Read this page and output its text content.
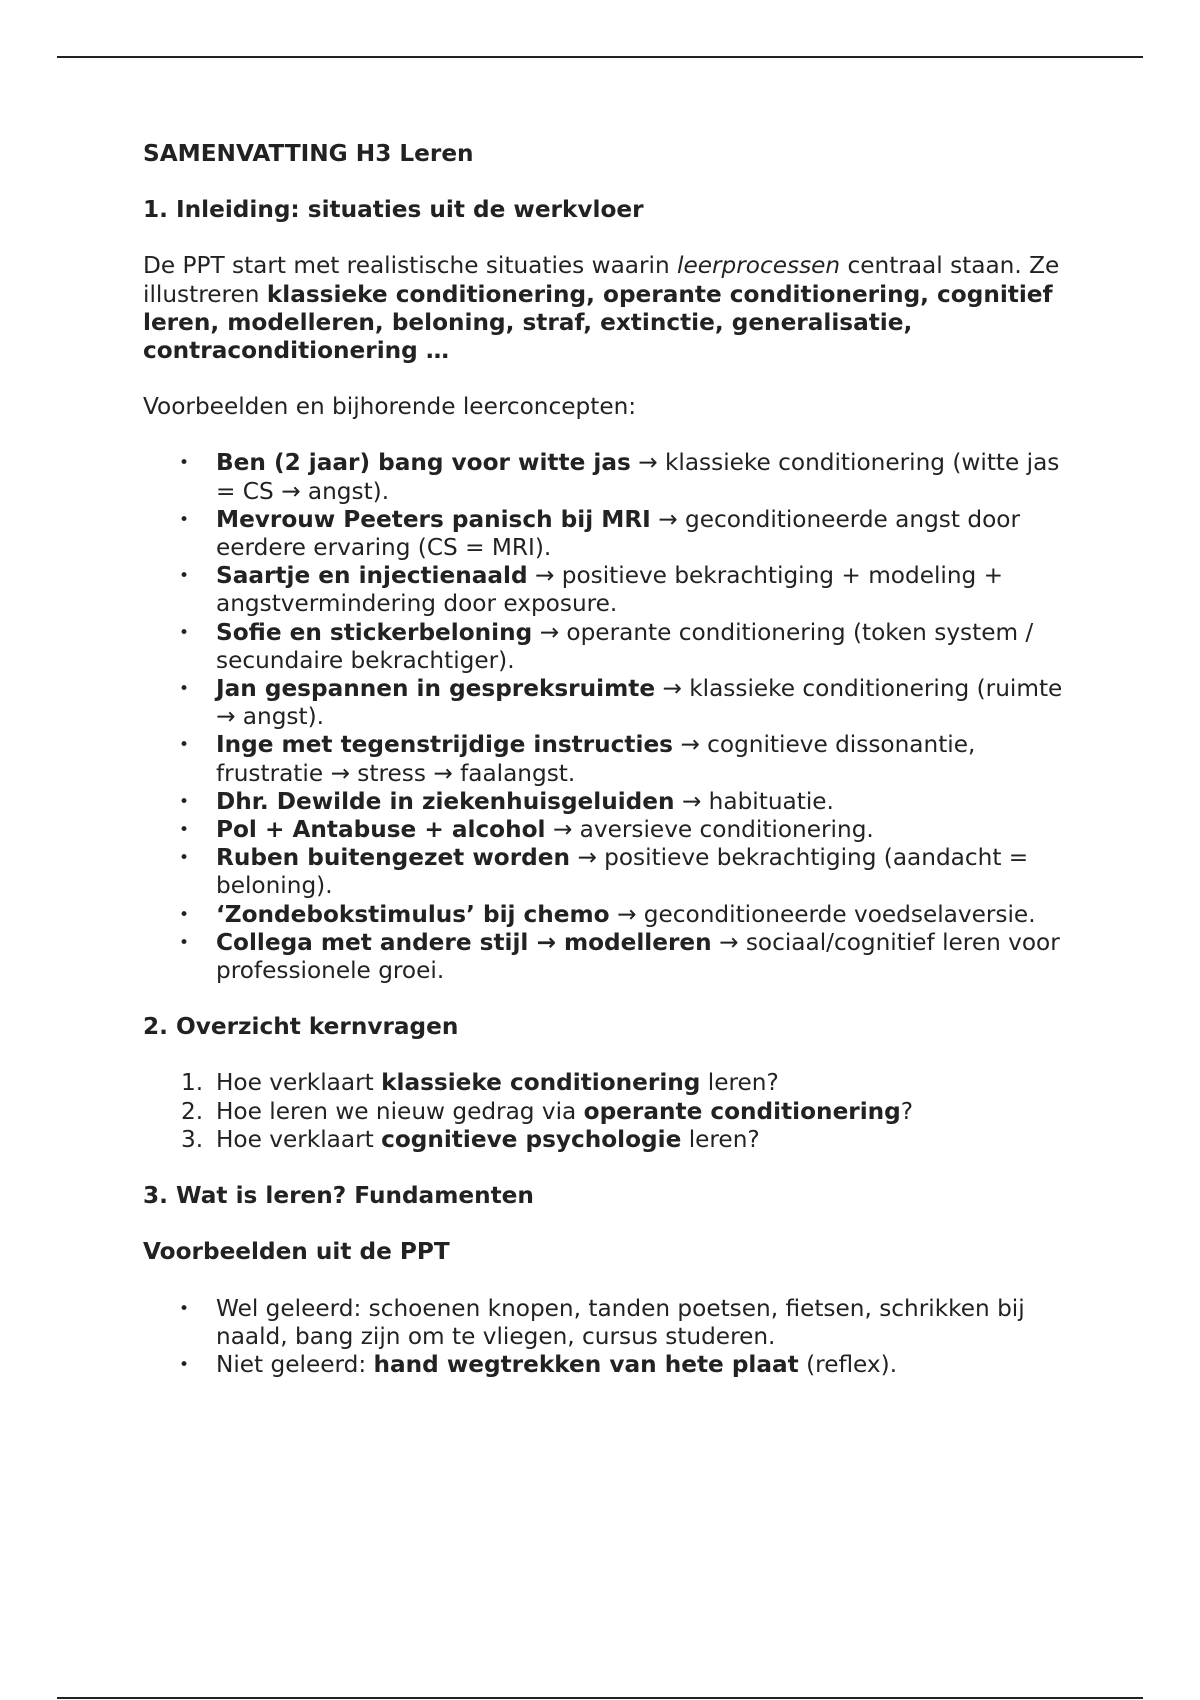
SAMENVATTING H3 Leren

1. Inleiding: situaties uit de werkvloer

De PPT start met realistische situaties waarin leerprocessen centraal staan. Ze illustreren klassieke conditionering, operante conditionering, cognitief leren, modelleren, beloning, straf, extinctie, generalisatie, contraconditionering …

Voorbeelden en bijhorende leerconcepten:

• Ben (2 jaar) bang voor witte jas → klassieke conditionering (witte jas = CS → angst).
• Mevrouw Peeters panisch bij MRI → geconditioneerde angst door eerdere ervaring (CS = MRI).
• Saartje en injectienaald → positieve bekrachtiging + modeling + angstvermindering door exposure.
• Sofie en stickerbeloning → operante conditionering (token system / secundaire bekrachtiger).
• Jan gespannen in gespreksruimte → klassieke conditionering (ruimte → angst).
• Inge met tegenstrijdige instructies → cognitieve dissonantie, frustratie → stress → faalangst.
• Dhr. Dewilde in ziekenhuisgeluiden → habituatie.
• Pol + Antabuse + alcohol → aversieve conditionering.
• Ruben buitengezet worden → positieve bekrachtiging (aandacht = beloning).
• ‘Zondebokstimulus’ bij chemo → geconditioneerde voedselaversie.
• Collega met andere stijl → modelleren → sociaal/cognitief leren voor professionele groei.

2. Overzicht kernvragen

1. Hoe verklaart klassieke conditionering leren?
2. Hoe leren we nieuw gedrag via operante conditionering?
3. Hoe verklaart cognitieve psychologie leren?

3. Wat is leren? Fundamenten

Voorbeelden uit de PPT

• Wel geleerd: schoenen knopen, tanden poetsen, fietsen, schrikken bij naald, bang zijn om te vliegen, cursus studeren.
• Niet geleerd: hand wegtrekken van hete plaat (reflex).
